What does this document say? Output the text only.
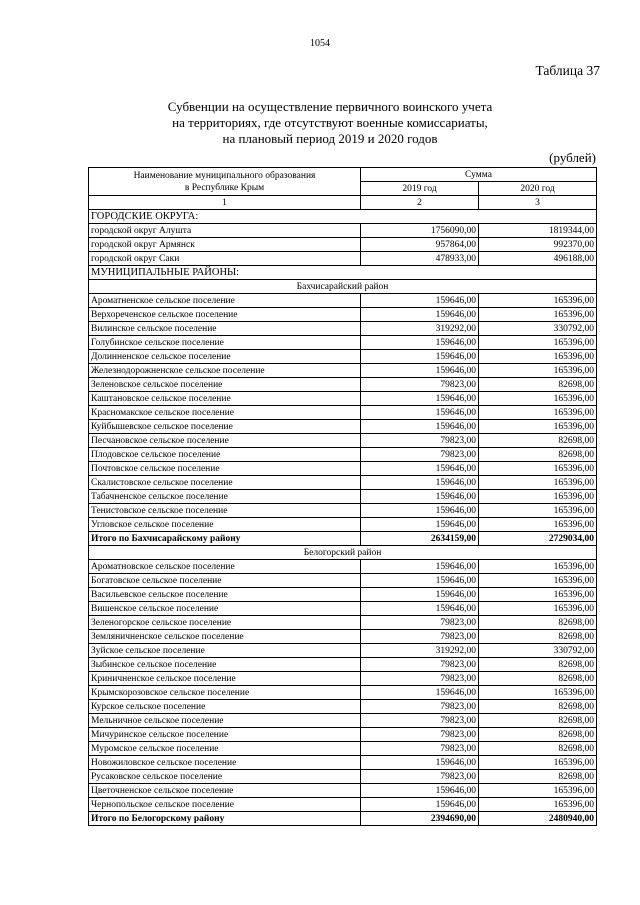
1054
Таблица 37
Субвенции на осуществление первичного воинского учета
на территориях, где отсутствуют военные комиссариаты,
на плановый период 2019 и 2020 годов
(рублей)
Наименование муниципального образования
в Республике Крым	Сумма	
	2019 год	2020 год
1	2	3
ГОРОДСКИЕ ОКРУГА:		
городской округ Алушта	1756090,00	1819344,00
городской округ Армянск	957864,00	992370,00
городской округ Саки	478933,00	496188,00
МУНИЦИПАЛЬНЫЕ РАЙОНЫ:		
Бахчисарайский район		
Ароматненское сельское поселение	159646,00	165396,00
Верхореченское сельское поселение	159646,00	165396,00
Вилинское сельское поселение	319292,00	330792,00
Голубинское сельское поселение	159646,00	165396,00
Долинненское сельское поселение	159646,00	165396,00
Железнодорожненское сельское поселение	159646,00	165396,00
Зеленовское сельское поселение	79823,00	82698,00
Каштановское сельское поселение	159646,00	165396,00
Красномакское сельское поселение	159646,00	165396,00
Куйбышевское сельское поселение	159646,00	165396,00
Песчановское сельское поселение	79823,00	82698,00
Плодовское сельское поселение	79823,00	82698,00
Почтовское сельское поселение	159646,00	165396,00
Скалистовское сельское поселение	159646,00	165396,00
Табачненское сельское поселение	159646,00	165396,00
Тенистовское сельское поселение	159646,00	165396,00
Угловское сельское поселение	159646,00	165396,00
Итого по Бахчисарайскому району	2634159,00	2729034,00
Белогорский район		
Ароматновское сельское поселение	159646,00	165396,00
Богатовское сельское поселение	159646,00	165396,00
Васильевское сельское поселение	159646,00	165396,00
Вишенское сельское поселение	159646,00	165396,00
Зеленогорское сельское поселение	79823,00	82698,00
Земляничненское сельское поселение	79823,00	82698,00
Зуйское сельское поселение	319292,00	330792,00
Зыбинское сельское поселение	79823,00	82698,00
Криничненское сельское поселение	79823,00	82698,00
Крымскорозовское сельское поселение	159646,00	165396,00
Курское сельское поселение	79823,00	82698,00
Мельничное сельское поселение	79823,00	82698,00
Мичуринское сельское поселение	79823,00	82698,00
Муромское сельское поселение	79823,00	82698,00
Новожиловское сельское поселение	159646,00	165396,00
Русаковское сельское поселение	79823,00	82698,00
Цветочненское сельское поселение	159646,00	165396,00
Чернопольское сельское поселение	159646,00	165396,00
Итого по Белогорскому району	2394690,00	2480940,00
